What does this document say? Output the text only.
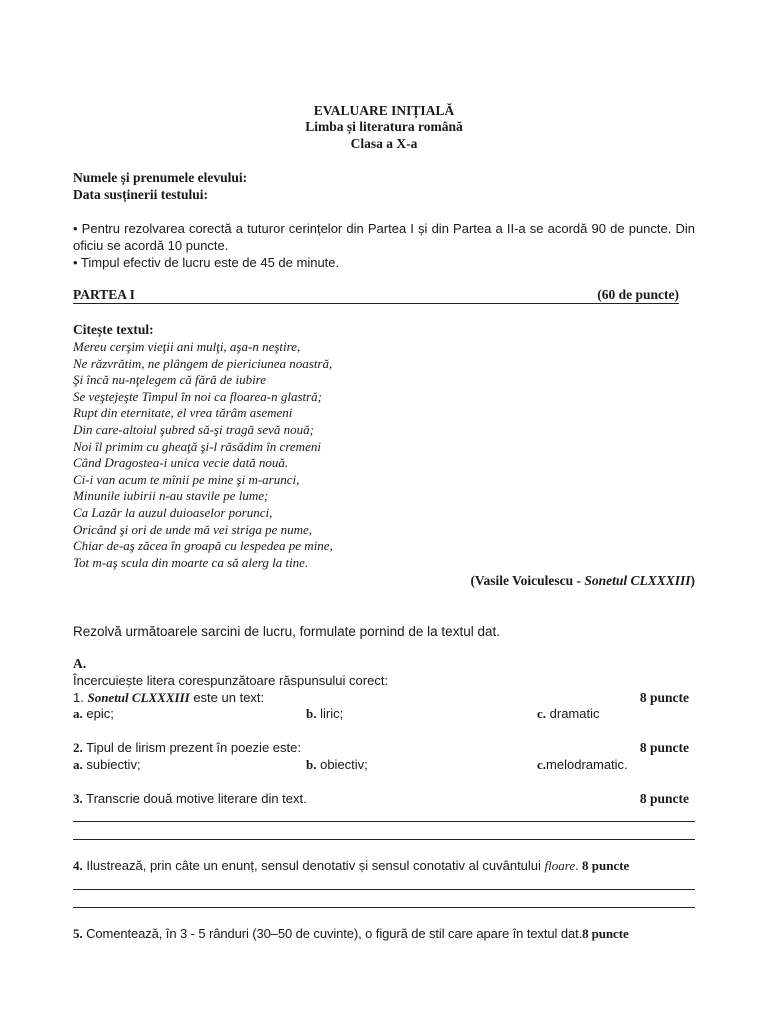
EVALUARE INIȚIALĂ
Limba și literatura română
Clasa a X-a
Numele și prenumele elevului:
Data susținerii testului:
• Pentru rezolvarea corectă a tuturor cerințelor din Partea I și din Partea a II-a se acordă 90 de puncte. Din oficiu se acordă 10 puncte.
• Timpul efectiv de lucru este de 45 de minute.
PARTEA I	(60 de puncte)
Citește textul:
Mereu cerşim vieţii ani mulţi, aşa-n neştire,
Ne răzvrătim, ne plângem de piericiunea noastră,
Şi încă nu-nţelegem că fără de iubire
Se veştejeşte Timpul în noi ca floarea-n glastră;
Rupt din eternitate, el vrea tărâm asemeni
Din care-altoiul şubred să-şi tragă sevă nouă;
Noi îl primim cu gheaţă şi-l răsădim în cremeni
Când Dragostea-i unica vecie dată nouă.
Ci-i van acum te mînii pe mine şi m-arunci,
Minunile iubirii n-au stavile pe lume;
Ca Lazăr la auzul duioaselor porunci,
Oricând şi ori de unde mă vei striga pe nume,
Chiar de-aş zăcea în groapă cu lespedea pe mine,
Tot m-aş scula din moarte ca să alerg la tine.
(Vasile Voiculescu - Sonetul CLXXXIII)
Rezolvă următoarele sarcini de lucru, formulate pornind de la textul dat.
A.
Încercuiește litera corespunzătoare răspunsului corect:
1. Sonetul CLXXXIII este un text:	8 puncte
a. epic;	b. liric;	c. dramatic
2. Tipul de lirism prezent în poezie este:	8 puncte
a. subiectiv;	b. obiectiv;	c.melodramatic.
3. Transcrie două motive literare din text.	8 puncte
4. Ilustrează, prin câte un enunț, sensul denotativ și sensul conotativ al cuvântului floare. 8 puncte
5. Comentează, în 3 - 5 rânduri (30–50 de cuvinte), o figură de stil care apare în textul dat.8 puncte
